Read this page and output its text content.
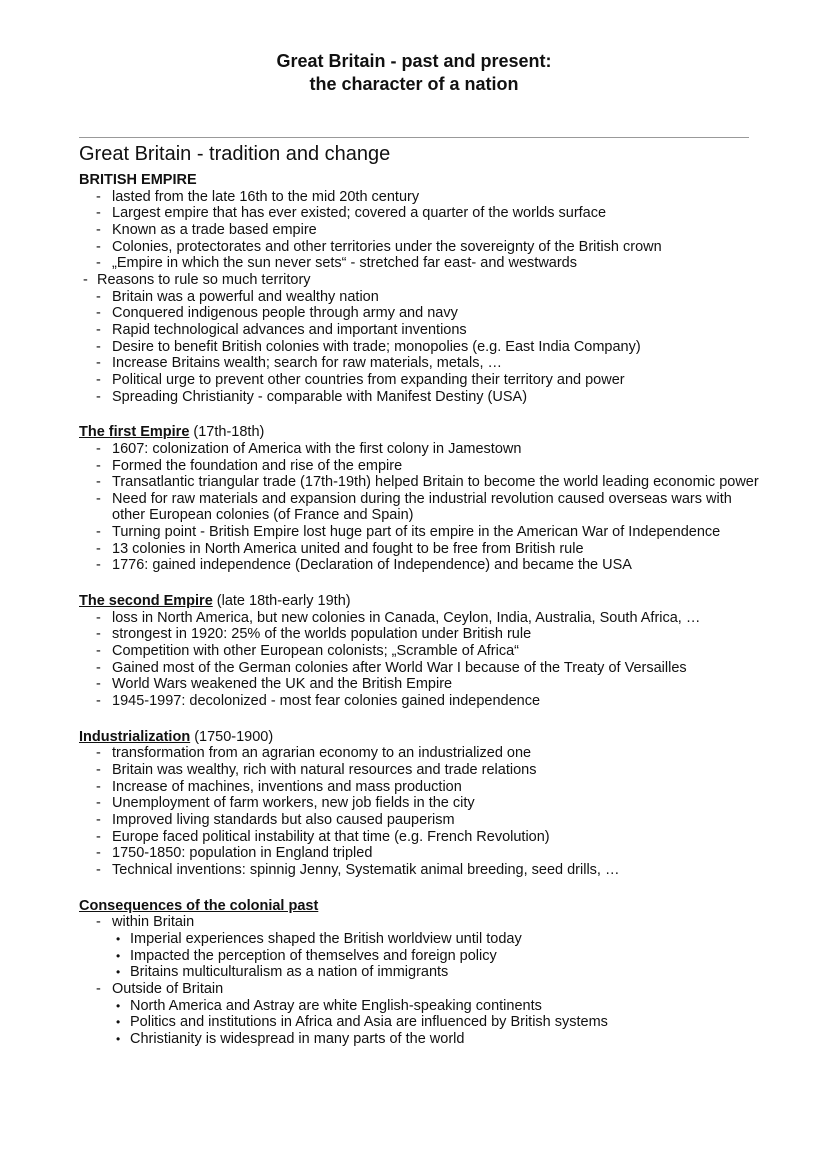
Great Britain - past and present:
the character of a nation
Great Britain - tradition and change
BRITISH EMPIRE
- lasted from the late 16th to the mid 20th century
- Largest empire that has ever existed; covered a quarter of the worlds surface
- Known as a trade based empire
- Colonies, protectorates and other territories under the sovereignty of the British crown
- „Empire in which the sun never sets“ - stretched far east- and westwards
- Reasons to rule so much territory
- Britain was a powerful and wealthy nation
- Conquered indigenous people through army and navy
- Rapid technological advances and important inventions
- Desire to benefit British colonies with trade; monopolies (e.g. East India Company)
- Increase Britains wealth; search for raw materials, metals, …
- Political urge to prevent other countries from expanding their territory and power
- Spreading Christianity - comparable with Manifest Destiny (USA)
The first Empire (17th-18th)
- 1607: colonization of America with the first colony in Jamestown
- Formed the foundation and rise of the empire
- Transatlantic triangular trade (17th-19th) helped Britain to become the world leading economic power
- Need for raw materials and expansion during the industrial revolution caused overseas wars with other European colonies (of France and Spain)
- Turning point - British Empire lost huge part of its empire in the American War of Independence
- 13 colonies in North America united and fought to be free from British rule
- 1776: gained independence (Declaration of Independence) and became the USA
The second Empire (late 18th-early 19th)
- loss in North America, but new colonies in Canada, Ceylon, India, Australia, South Africa, …
- strongest in 1920: 25% of the worlds population under British rule
- Competition with other European colonists; „Scramble of Africa“
- Gained most of the German colonies after World War I because of the Treaty of Versailles
- World Wars weakened the UK and the British Empire
- 1945-1997: decolonized - most fear colonies gained independence
Industrialization (1750-1900)
- transformation from an agrarian economy to an industrialized one
- Britain was wealthy, rich with natural resources and trade relations
- Increase of machines, inventions and mass production
- Unemployment of farm workers, new job fields in the city
- Improved living standards but also caused pauperism
- Europe faced political instability at that time (e.g. French Revolution)
- 1750-1850: population in England tripled
- Technical inventions: spinnig Jenny, Systematik animal breeding, seed drills, …
Consequences of the colonial past
- within Britain
• Imperial experiences shaped the British worldview until today
• Impacted the perception of themselves and foreign policy
• Britains multiculturalism as a nation of immigrants
- Outside of Britain
• North America and Astray are white English-speaking continents
• Politics and institutions in Africa and Asia are influenced by British systems
• Christianity is widespread in many parts of the world
